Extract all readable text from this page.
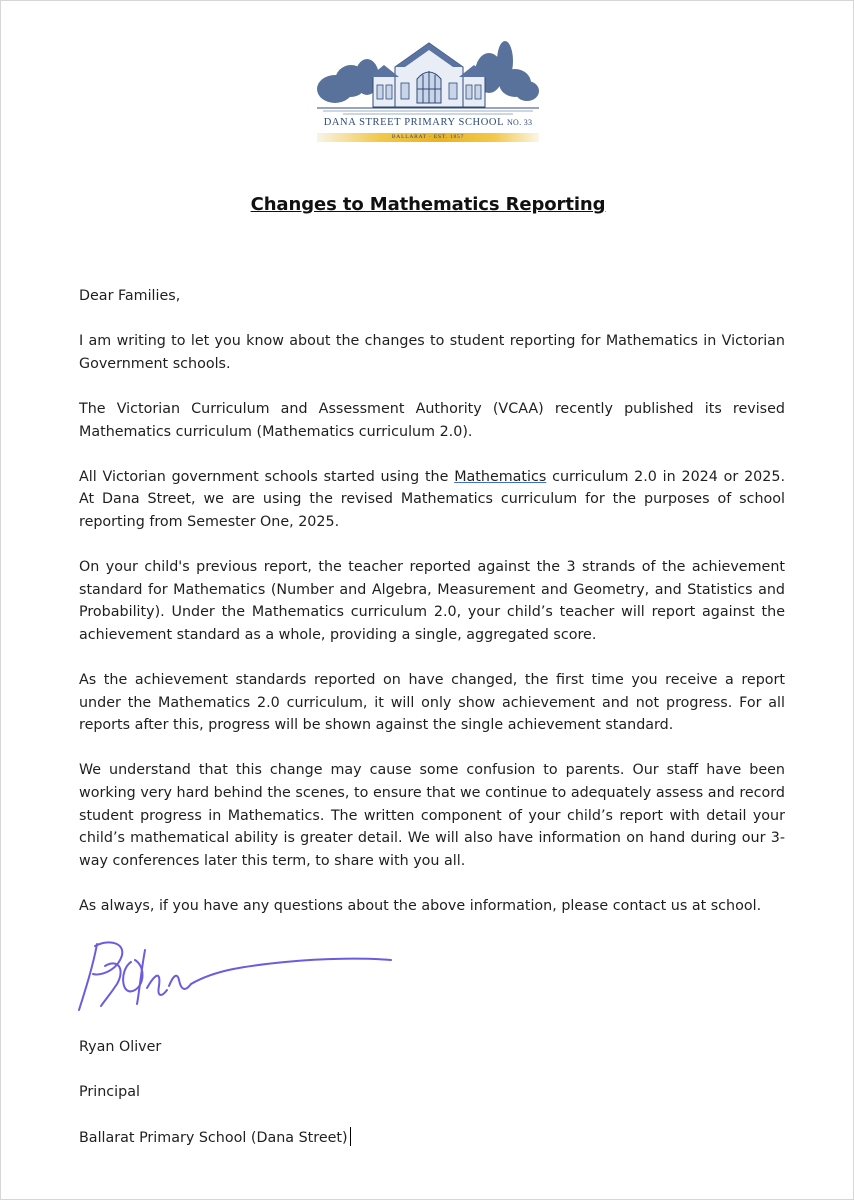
DANA STREET PRIMARY SCHOOL NO. 33
BALLARAT · EST. 1857
Changes to Mathematics Reporting

Dear Families,

I am writing to let you know about the changes to student reporting for Mathematics in Victorian Government schools.

The Victorian Curriculum and Assessment Authority (VCAA) recently published its revised Mathematics curriculum (Mathematics curriculum 2.0).

All Victorian government schools started using the Mathematics curriculum 2.0 in 2024 or 2025. At Dana Street, we are using the revised Mathematics curriculum for the purposes of school reporting from Semester One, 2025.

On your child's previous report, the teacher reported against the 3 strands of the achievement standard for Mathematics (Number and Algebra, Measurement and Geometry, and Statistics and Probability). Under the Mathematics curriculum 2.0, your child’s teacher will report against the achievement standard as a whole, providing a single, aggregated score.

As the achievement standards reported on have changed, the first time you receive a report under the Mathematics 2.0 curriculum, it will only show achievement and not progress. For all reports after this, progress will be shown against the single achievement standard.

We understand that this change may cause some confusion to parents. Our staff have been working very hard behind the scenes, to ensure that we continue to adequately assess and record student progress in Mathematics. The written component of your child’s report with detail your child’s mathematical ability is greater detail. We will also have information on hand during our 3-way conferences later this term, to share with you all.

As always, if you have any questions about the above information, please contact us at school.

Ryan Oliver
Principal
Ballarat Primary School (Dana Street)
